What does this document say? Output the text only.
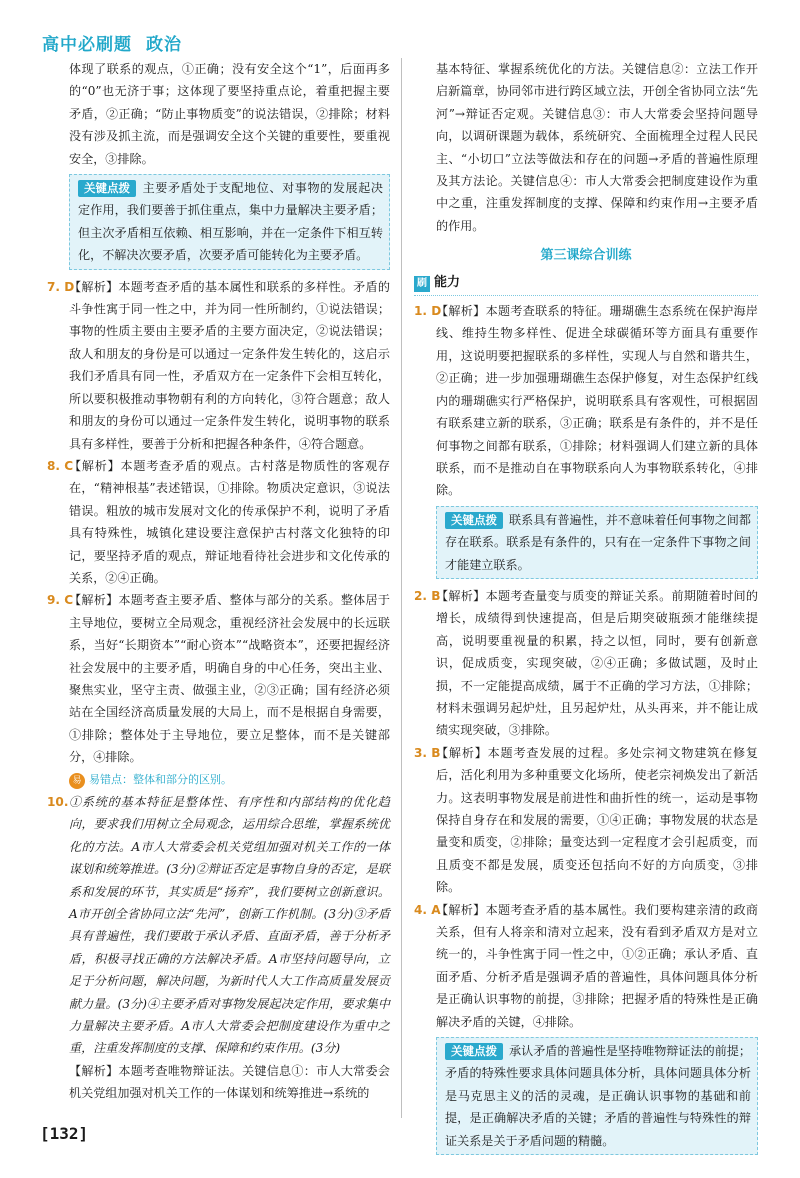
高中必刷题 政治

体现了联系的观点，①正确；没有安全这个“1”，后面再多的“0”也无济于事；这体现了要坚持重点论，着重把握主要矛盾，②正确；“防止事物质变”的说法错误，②排除；材料没有涉及抓主流，而是强调安全这个关键的重要性，要重视安全，③排除。

关键点拨 主要矛盾处于支配地位、对事物的发展起决定作用，我们要善于抓住重点，集中力量解决主要矛盾；但主次矛盾相互依赖、相互影响，并在一定条件下相互转化，不解决次要矛盾，次要矛盾可能转化为主要矛盾。
7. D
【解析】本题考查矛盾的基本属性和联系的多样性。矛盾的斗争性寓于同一性之中，并为同一性所制约，①说法错误；事物的性质主要由主要矛盾的主要方面决定，②说法错误；敌人和朋友的身份是可以通过一定条件发生转化的，这启示我们矛盾具有同一性，矛盾双方在一定条件下会相互转化，所以要积极推动事物朝有利的方向转化，③符合题意；敌人和朋友的身份可以通过一定条件发生转化，说明事物的联系具有多样性，要善于分析和把握各种条件，④符合题意。
8. C
【解析】本题考查矛盾的观点。古村落是物质性的客观存在，“精神根基”表述错误，①排除。物质决定意识，③说法错误。粗放的城市发展对文化的传承保护不利，说明了矛盾具有特殊性，城镇化建设要注意保护古村落文化独特的印记，要坚持矛盾的观点，辩证地看待社会进步和文化传承的关系，②④正确。
9. C
【解析】本题考查主要矛盾、整体与部分的关系。整体居于主导地位，要树立全局观念，重视经济社会发展中的长远联系，当好“长期资本”“耐心资本”“战略资本”，还要把握经济社会发展中的主要矛盾，明确自身的中心任务，突出主业、聚焦实业，坚守主责、做强主业，②③正确；国有经济必须站在全国经济高质量发展的大局上，而不是根据自身需要，①排除；整体处于主导地位，要立足整体，而不是关键部分，④排除。
易 易错点：整体和部分的区别。
10. ①系统的基本特征是整体性、有序性和内部结构的优化趋向，要求我们用树立全局观念，运用综合思维，掌握系统优化的方法。A市人大常委会机关党组加强对机关工作的一体谋划和统筹推进。(3分)②辩证否定是事物自身的否定，是联系和发展的环节，其实质是“扬弃”，我们要树立创新意识。A市开创全省协同立法“先河”，创新工作机制。(3分)③矛盾具有普遍性，我们要敢于承认矛盾、直面矛盾，善于分析矛盾，积极寻找正确的方法解决矛盾。A市坚持问题导向，立足于分析问题，解决问题，为新时代人大工作高质量发展贡献力量。(3分)④主要矛盾对事物发展起决定作用，要求集中力量解决主要矛盾。A市人大常委会把制度建设作为重中之重，注重发挥制度的支撑、保障和约束作用。(3分)

【解析】本题考查唯物辩证法。关键信息①：市人大常委会机关党组加强对机关工作的一体谋划和统筹推进→系统的

基本特征、掌握系统优化的方法。关键信息②：立法工作开启新篇章，协同邻市进行跨区域立法，开创全省协同立法“先河”→辩证否定观。关键信息③：市人大常委会坚持问题导向，以调研课题为载体，系统研究、全面梳理全过程人民民主、“小切口”立法等做法和存在的问题→矛盾的普遍性原理及其方法论。关键信息④：市人大常委会把制度建设作为重中之重，注重发挥制度的支撑、保障和约束作用→主要矛盾的作用。

第三课综合训练
刷 能力
1. D
【解析】本题考查联系的特征。珊瑚礁生态系统在保护海岸线、维持生物多样性、促进全球碳循环等方面具有重要作用，这说明要把握联系的多样性，实现人与自然和谐共生，②正确；进一步加强珊瑚礁生态保护修复，对生态保护红线内的珊瑚礁实行严格保护，说明联系具有客观性，可根据固有联系建立新的联系，③正确；联系是有条件的，并不是任何事物之间都有联系，①排除；材料强调人们建立新的具体联系，而不是推动自在事物联系向人为事物联系转化，④排除。
关键点拨 联系具有普遍性，并不意味着任何事物之间都存在联系。联系是有条件的，只有在一定条件下事物之间才能建立联系。
2. B
【解析】本题考查量变与质变的辩证关系。前期随着时间的增长，成绩得到快速提高，但是后期突破瓶颈才能继续提高，说明要重视量的积累，持之以恒，同时，要有创新意识，促成质变，实现突破，②④正确；多做试题，及时止损，不一定能提高成绩，属于不正确的学习方法，①排除；材料未强调另起炉灶，且另起炉灶，从头再来，并不能让成绩实现突破，③排除。
3. B
【解析】本题考查发展的过程。多处宗祠文物建筑在修复后，活化利用为多种重要文化场所，使老宗祠焕发出了新活力。这表明事物发展是前进性和曲折性的统一，运动是事物保持自身存在和发展的需要，①④正确；事物发展的状态是量变和质变，②排除；量变达到一定程度才会引起质变，而且质变不都是发展，质变还包括向不好的方向质变，③排除。
4. A
【解析】本题考查矛盾的基本属性。我们要构建亲清的政商关系，但有人将亲和清对立起来，没有看到矛盾双方是对立统一的，斗争性寓于同一性之中，①②正确；承认矛盾、直面矛盾、分析矛盾是强调矛盾的普遍性，具体问题具体分析是正确认识事物的前提，③排除；把握矛盾的特殊性是正确解决矛盾的关键，④排除。
关键点拨 承认矛盾的普遍性是坚持唯物辩证法的前提；矛盾的特殊性要求具体问题具体分析，具体问题具体分析是马克思主义的活的灵魂，是正确认识事物的基础和前提，是正确解决矛盾的关键；矛盾的普遍性与特殊性的辩证关系是关于矛盾问题的精髓。
[132]
